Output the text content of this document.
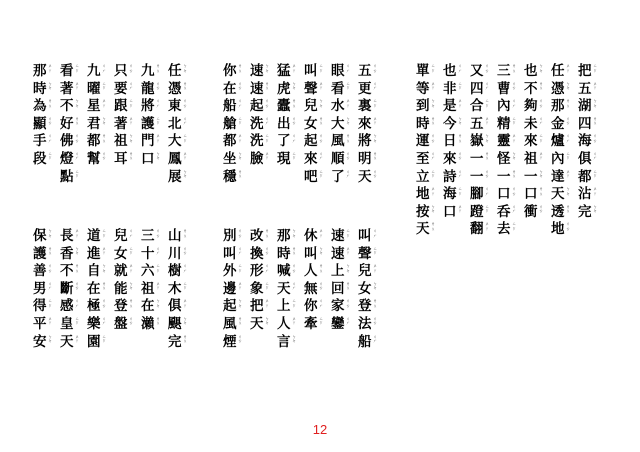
任 ㄅ
ㄉ
憑 ㄌ
ㄆ
東 ㄇ
ㄊ
北 ㄐ
ㄏ
大 ㄙ
ㄗ
鳳 ㄓ
ㄚ
展 ㄅ
ㄉ
九 ㄌ
ㄆ
龍 ㄇ
ㄊ
將 ㄐ
ㄏ
護 ㄙ
ㄗ
門 ㄓ
ㄚ
口 ㄅ
ㄉ
只 ㄇ
ㄊ
要 ㄐ
ㄏ
跟 ㄙ
ㄗ
著 ㄓ
ㄚ
祖 ㄅ
ㄉ
耳 ㄌ
ㄆ
九 ㄐ
ㄏ
曜 ㄙ
ㄗ
星 ㄓ
ㄚ
君 ㄅ
ㄉ
都 ㄌ
ㄆ
幫 ㄇ
ㄊ
看 ㄙ
ㄗ
著 ㄓ
ㄚ
不 ㄅ
ㄉ
好 ㄌ
ㄆ
佛 ㄇ
ㄊ
燈 ㄐ
ㄏ
點 ㄙ
ㄗ
那 ㄓ
ㄚ
時 ㄅ
ㄉ
為 ㄌ
ㄆ
顯 ㄇ
ㄊ
手 ㄐ
ㄏ
段 ㄙ
ㄗ
山 ㄌ
ㄆ
川 ㄇ
ㄊ
樹 ㄐ
ㄏ
木 ㄙ
ㄗ
俱 ㄓ
ㄚ
颶 ㄅ
ㄉ
完 ㄌ
ㄆ
三 ㄇ
ㄊ
十 ㄐ
ㄏ
六 ㄙ
ㄗ
祖 ㄓ
ㄚ
在 ㄅ
ㄉ
瀨 ㄌ
ㄆ
兒 ㄐ
ㄏ
女 ㄙ
ㄗ
就 ㄓ
ㄚ
能 ㄅ
ㄉ
登 ㄌ
ㄆ
盤 ㄇ
ㄊ
道 ㄙ
ㄗ
進 ㄓ
ㄚ
自 ㄅ
ㄉ
在 ㄌ
ㄆ
極 ㄇ
ㄊ
樂 ㄐ
ㄏ
園 ㄙ
ㄗ
長 ㄓ
ㄚ
香 ㄅ
ㄉ
不 ㄌ
ㄆ
斷 ㄇ
ㄊ
感 ㄐ
ㄏ
皇 ㄙ
ㄗ
天 ㄓ
ㄚ
保 ㄅ
ㄉ
護 ㄌ
ㄆ
善 ㄇ
ㄊ
男 ㄐ
ㄏ
得 ㄙ
ㄗ
平 ㄓ
ㄚ
安 ㄅ
ㄉ
五 ㄇ
ㄊ
更 ㄐ
ㄏ
裏 ㄙ
ㄗ
來 ㄓ
ㄚ
將 ㄅ
ㄉ
明 ㄌ
ㄆ
天 ㄇ
ㄊ
眼 ㄐ
ㄏ
看 ㄙ
ㄗ
水 ㄓ
ㄚ
大 ㄅ
ㄉ
風 ㄌ
ㄆ
順 ㄇ
ㄊ
了 ㄐ
ㄏ
叫 ㄙ
ㄗ
聲 ㄓ
ㄚ
兒 ㄅ
ㄉ
女 ㄌ
ㄆ
起 ㄇ
ㄊ
來 ㄐ
ㄏ
吧 ㄙ
ㄗ
猛 ㄓ
ㄚ
虎 ㄅ
ㄉ
蠹 ㄌ
ㄆ
出 ㄇ
ㄊ
了 ㄐ
ㄏ
現 ㄙ
ㄗ
速 ㄅ
ㄉ
速 ㄌ
ㄆ
起 ㄇ
ㄊ
洗 ㄐ
ㄏ
洗 ㄙ
ㄗ
臉 ㄓ
ㄚ
你 ㄌ
ㄆ
在 ㄇ
ㄊ
船 ㄐ
ㄏ
艙 ㄙ
ㄗ
都 ㄓ
ㄚ
坐 ㄅ
ㄉ
穩 ㄌ
ㄆ
叫 ㄐ
ㄏ
聲 ㄙ
ㄗ
兒 ㄓ
ㄚ
女 ㄅ
ㄉ
登 ㄌ
ㄆ
法 ㄇ
ㄊ
船 ㄐ
ㄏ
速 ㄙ
ㄗ
速 ㄓ
ㄚ
上 ㄅ
ㄉ
回 ㄌ
ㄆ
家 ㄇ
ㄊ
鑾 ㄐ
ㄏ
休 ㄓ
ㄚ
叫 ㄅ
ㄉ
人 ㄌ
ㄆ
無 ㄇ
ㄊ
你 ㄐ
ㄏ
牽 ㄙ
ㄗ
那 ㄅ
ㄉ
時 ㄌ
ㄆ
喊 ㄇ
ㄊ
天 ㄐ
ㄏ
上 ㄙ
ㄗ
人 ㄓ
ㄚ
言 ㄅ
ㄉ
改 ㄌ
ㄆ
換 ㄇ
ㄊ
形 ㄐ
ㄏ
象 ㄙ
ㄗ
把 ㄓ
ㄚ
天 ㄅ
ㄉ
別 ㄇ
ㄊ
叫 ㄐ
ㄏ
外 ㄙ
ㄗ
邊 ㄓ
ㄚ
起 ㄅ
ㄉ
風 ㄌ
ㄆ
煙 ㄇ
ㄊ
把 ㄙ
ㄗ
五 ㄓ
ㄚ
湖 ㄅ
ㄉ
四 ㄌ
ㄆ
海 ㄇ
ㄊ
俱 ㄐ
ㄏ
都 ㄙ
ㄗ
沾 ㄓ
ㄚ
完 ㄅ
ㄉ
任 ㄓ
ㄚ
憑 ㄅ
ㄉ
那 ㄌ
ㄆ
金 ㄇ
ㄊ
爐 ㄐ
ㄏ
內 ㄙ
ㄗ
達 ㄓ
ㄚ
天 ㄅ
ㄉ
透 ㄌ
ㄆ
地 ㄇ
ㄊ
也 ㄅ
ㄉ
不 ㄌ
ㄆ
夠 ㄇ
ㄊ
未 ㄐ
ㄏ
來 ㄙ
ㄗ
祖 ㄓ
ㄚ
一 ㄅ
ㄉ
口 ㄌ
ㄆ
衝 ㄇ
ㄊ
三 ㄌ
ㄆ
曹 ㄇ
ㄊ
內 ㄐ
ㄏ
精 ㄙ
ㄗ
靈 ㄓ
ㄚ
怪 ㄅ
ㄉ
一 ㄌ
ㄆ
口 ㄇ
ㄊ
呑 ㄐ
ㄏ
去 ㄙ
ㄗ
又 ㄇ
ㄊ
四 ㄐ
ㄏ
合 ㄙ
ㄗ
五 ㄓ
ㄚ
嶽 ㄅ
ㄉ
一 ㄌ
ㄆ
一 ㄇ
ㄊ
腳 ㄐ
ㄏ
蹬 ㄙ
ㄗ
翻 ㄓ
ㄚ
也 ㄐ
ㄏ
非 ㄙ
ㄗ
是 ㄓ
ㄚ
今 ㄅ
ㄉ
日 ㄌ
ㄆ
來 ㄇ
ㄊ
詩 ㄐ
ㄏ
海 ㄙ
ㄗ
口 ㄓ
ㄚ
單 ㄙ
ㄗ
等 ㄓ
ㄚ
到 ㄅ
ㄉ
時 ㄌ
ㄆ
運 ㄇ
ㄊ
至 ㄐ
ㄏ
立 ㄙ
ㄗ
地 ㄓ
ㄚ
按 ㄅ
ㄉ
天 ㄌ
ㄆ
12
